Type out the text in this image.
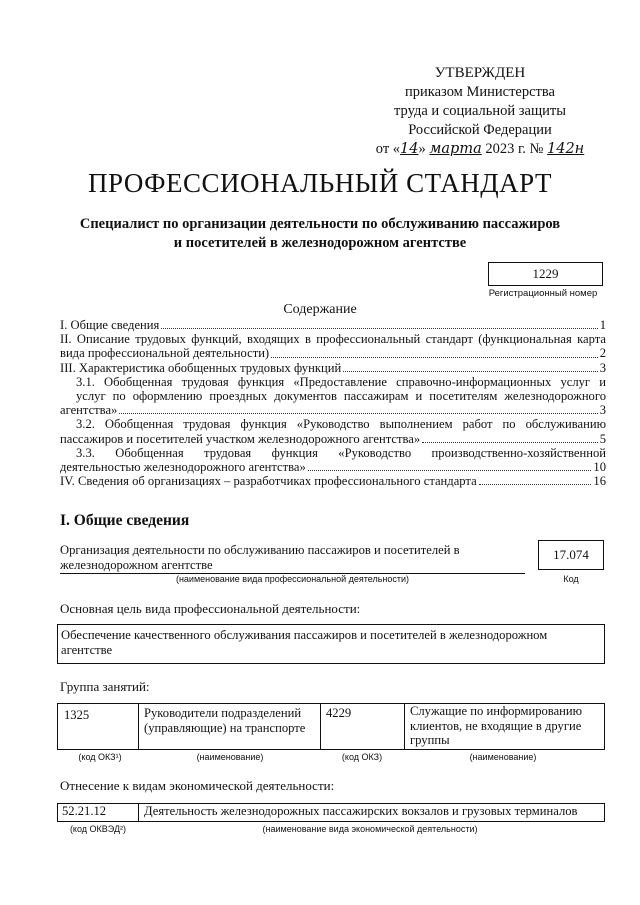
УТВЕРЖДЕН
приказом Министерства
труда и социальной защиты
Российской Федерации
от «14» марта 2023 г. № 142н
ПРОФЕССИОНАЛЬНЫЙ СТАНДАРТ
Специалист по организации деятельности по обслуживанию пассажиров
и посетителей в железнодорожном агентстве
1229
Регистрационный номер
Содержание
I. Общие сведения	1
II. Описание трудовых функций, входящих в профессиональный стандарт (функциональная карта
вида профессиональной деятельности)	2
III. Характеристика обобщенных трудовых функций	3
3.1. Обобщенная трудовая функция «Предоставление справочно-информационных услуг и
услуг по оформлению проездных документов пассажирам и посетителям железнодорожного
агентства»	3
3.2. Обобщенная трудовая функция «Руководство выполнением работ по обслуживанию
пассажиров и посетителей участком железнодорожного агентства»	5
3.3. Обобщенная трудовая функция «Руководство производственно-хозяйственной
деятельностью железнодорожного агентства»	10
IV. Сведения об организациях – разработчиках профессионального стандарта	16
I. Общие сведения
Организация деятельности по обслуживанию пассажиров и посетителей в
железнодорожном агентстве
(наименование вида профессиональной деятельности)
17.074
Код
Основная цель вида профессиональной деятельности:
Обеспечение качественного обслуживания пассажиров и посетителей в железнодорожном
агентстве
Группа занятий:
1325	Руководители подразделений
(управляющие) на транспорте
4229	Служащие по информированию
клиентов, не входящие в другие
группы
(код ОКЗ¹)	(наименование)	(код ОКЗ)	(наименование)
Отнесение к видам экономической деятельности:
52.21.12	Деятельность железнодорожных пассажирских вокзалов и грузовых терминалов
(код ОКВЭД²)	(наименование вида экономической деятельности)
